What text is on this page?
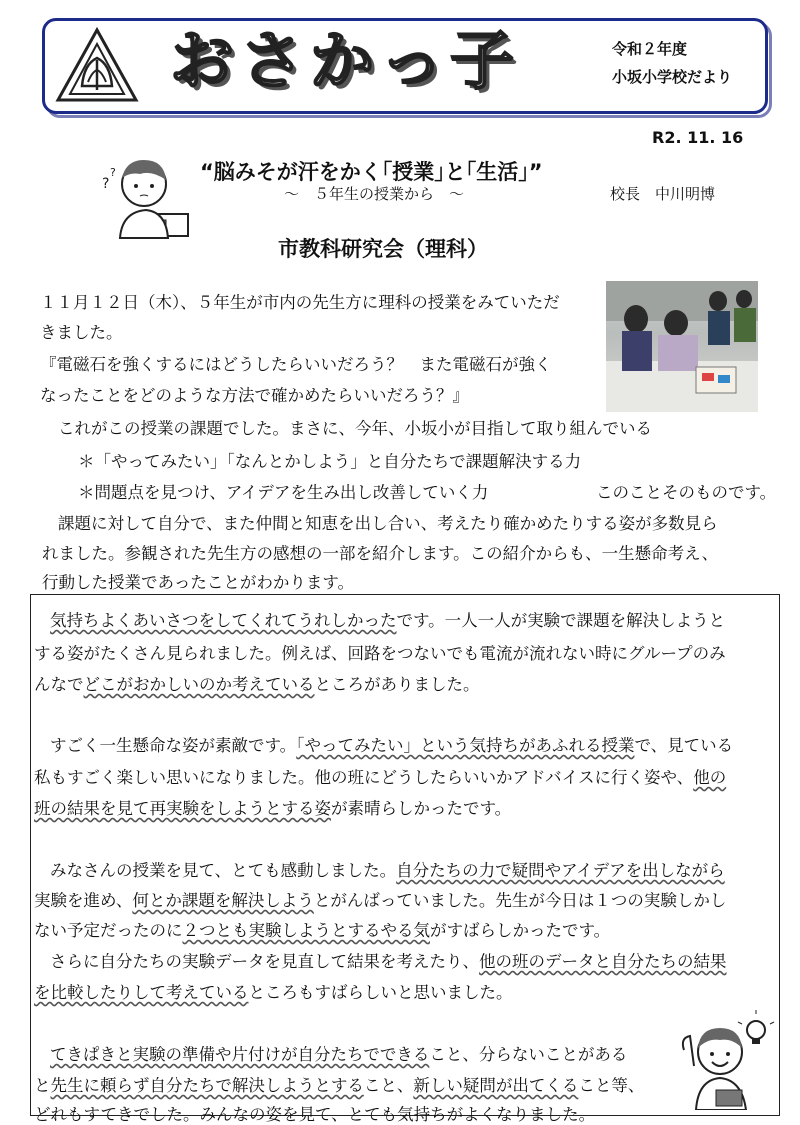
おさかっ子	令和２年度
小坂小学校だより
R2. 11. 16
?
?	“脳みそが汗をかく｢授業｣と｢生活｣”
～　５年生の授業から　～	校長　中川明博
市教科研究会（理科）
１１月１２日（木）、５年生が市内の先生方に理科の授業をみていただ
きました。
『電磁石を強くするにはどうしたらいいだろう？　また電磁石が強く
なったことをどのような方法で確かめたらいいだろう？』
これがこの授業の課題でした。まさに、今年、小坂小が目指して取り組んでいる
＊「やってみたい」「なんとかしよう」と自分たちで課題解決する力
＊問題点を見つけ、アイデアを生み出し改善していく力	このことそのものです。
課題に対して自分で、また仲間と知恵を出し合い、考えたり確かめたりする姿が多数見ら
れました。参観された先生方の感想の一部を紹介します。この紹介からも、一生懸命考え、
行動した授業であったことがわかります。
気持ちよくあいさつをしてくれてうれしかったです。一人一人が実験で課題を解決しようと
する姿がたくさん見られました。例えば、回路をつないでも電流が流れない時にグループのみ
んなでどこがおかしいのか考えているところがありました。
すごく一生懸命な姿が素敵です。「やってみたい」という気持ちがあふれる授業で、見ている
私もすごく楽しい思いになりました。他の班にどうしたらいいかアドバイスに行く姿や、他の
班の結果を見て再実験をしようとする姿が素晴らしかったです。
みなさんの授業を見て、とても感動しました。自分たちの力で疑問やアイデアを出しながら
実験を進め、何とか課題を解決しようとがんばっていました。先生が今日は１つの実験しかし
ない予定だったのに２つとも実験しようとするやる気がすばらしかったです。
さらに自分たちの実験データを見直して結果を考えたり、他の班のデータと自分たちの結果
を比較したりして考えているところもすばらしいと思いました。
てきぱきと実験の準備や片付けが自分たちでできること、分らないことがある
と先生に頼らず自分たちで解決しようとすること、新しい疑問が出てくること等、
どれもすてきでした。みんなの姿を見て、とても気持ちがよくなりました。
